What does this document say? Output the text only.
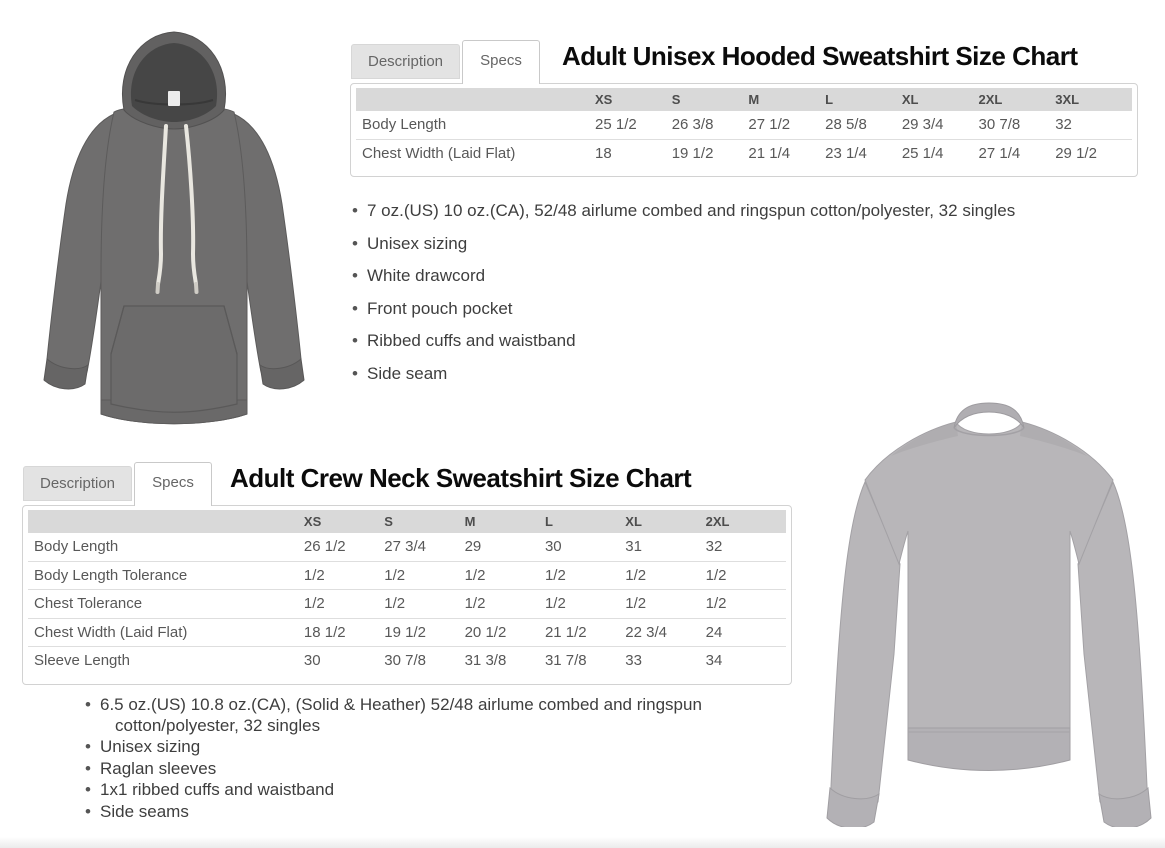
Description	Specs	Adult Unisex Hooded Sweatshirt Size Chart
	XS	S	M	L	XL	2XL	3XL
Body Length	25 1/2	26 3/8	27 1/2	28 5/8	29 3/4	30 7/8	32
Chest Width (Laid Flat)	18	19 1/2	21 1/4	23 1/4	25 1/4	27 1/4	29 1/2
• 7 oz.(US) 10 oz.(CA), 52/48 airlume combed and ringspun cotton/polyester, 32 singles
• Unisex sizing
• White drawcord
• Front pouch pocket
• Ribbed cuffs and waistband
• Side seam
Description	Specs	Adult Crew Neck Sweatshirt Size Chart
	XS	S	M	L	XL	2XL
Body Length	26 1/2	27 3/4	29	30	31	32
Body Length Tolerance	1/2	1/2	1/2	1/2	1/2	1/2
Chest Tolerance	1/2	1/2	1/2	1/2	1/2	1/2
Chest Width (Laid Flat)	18 1/2	19 1/2	20 1/2	21 1/2	22 3/4	24
Sleeve Length	30	30 7/8	31 3/8	31 7/8	33	34
• 6.5 oz.(US) 10.8 oz.(CA), (Solid & Heather) 52/48 airlume combed and ringspun cotton/polyester, 32 singles
• Unisex sizing
• Raglan sleeves
• 1x1 ribbed cuffs and waistband
• Side seams
